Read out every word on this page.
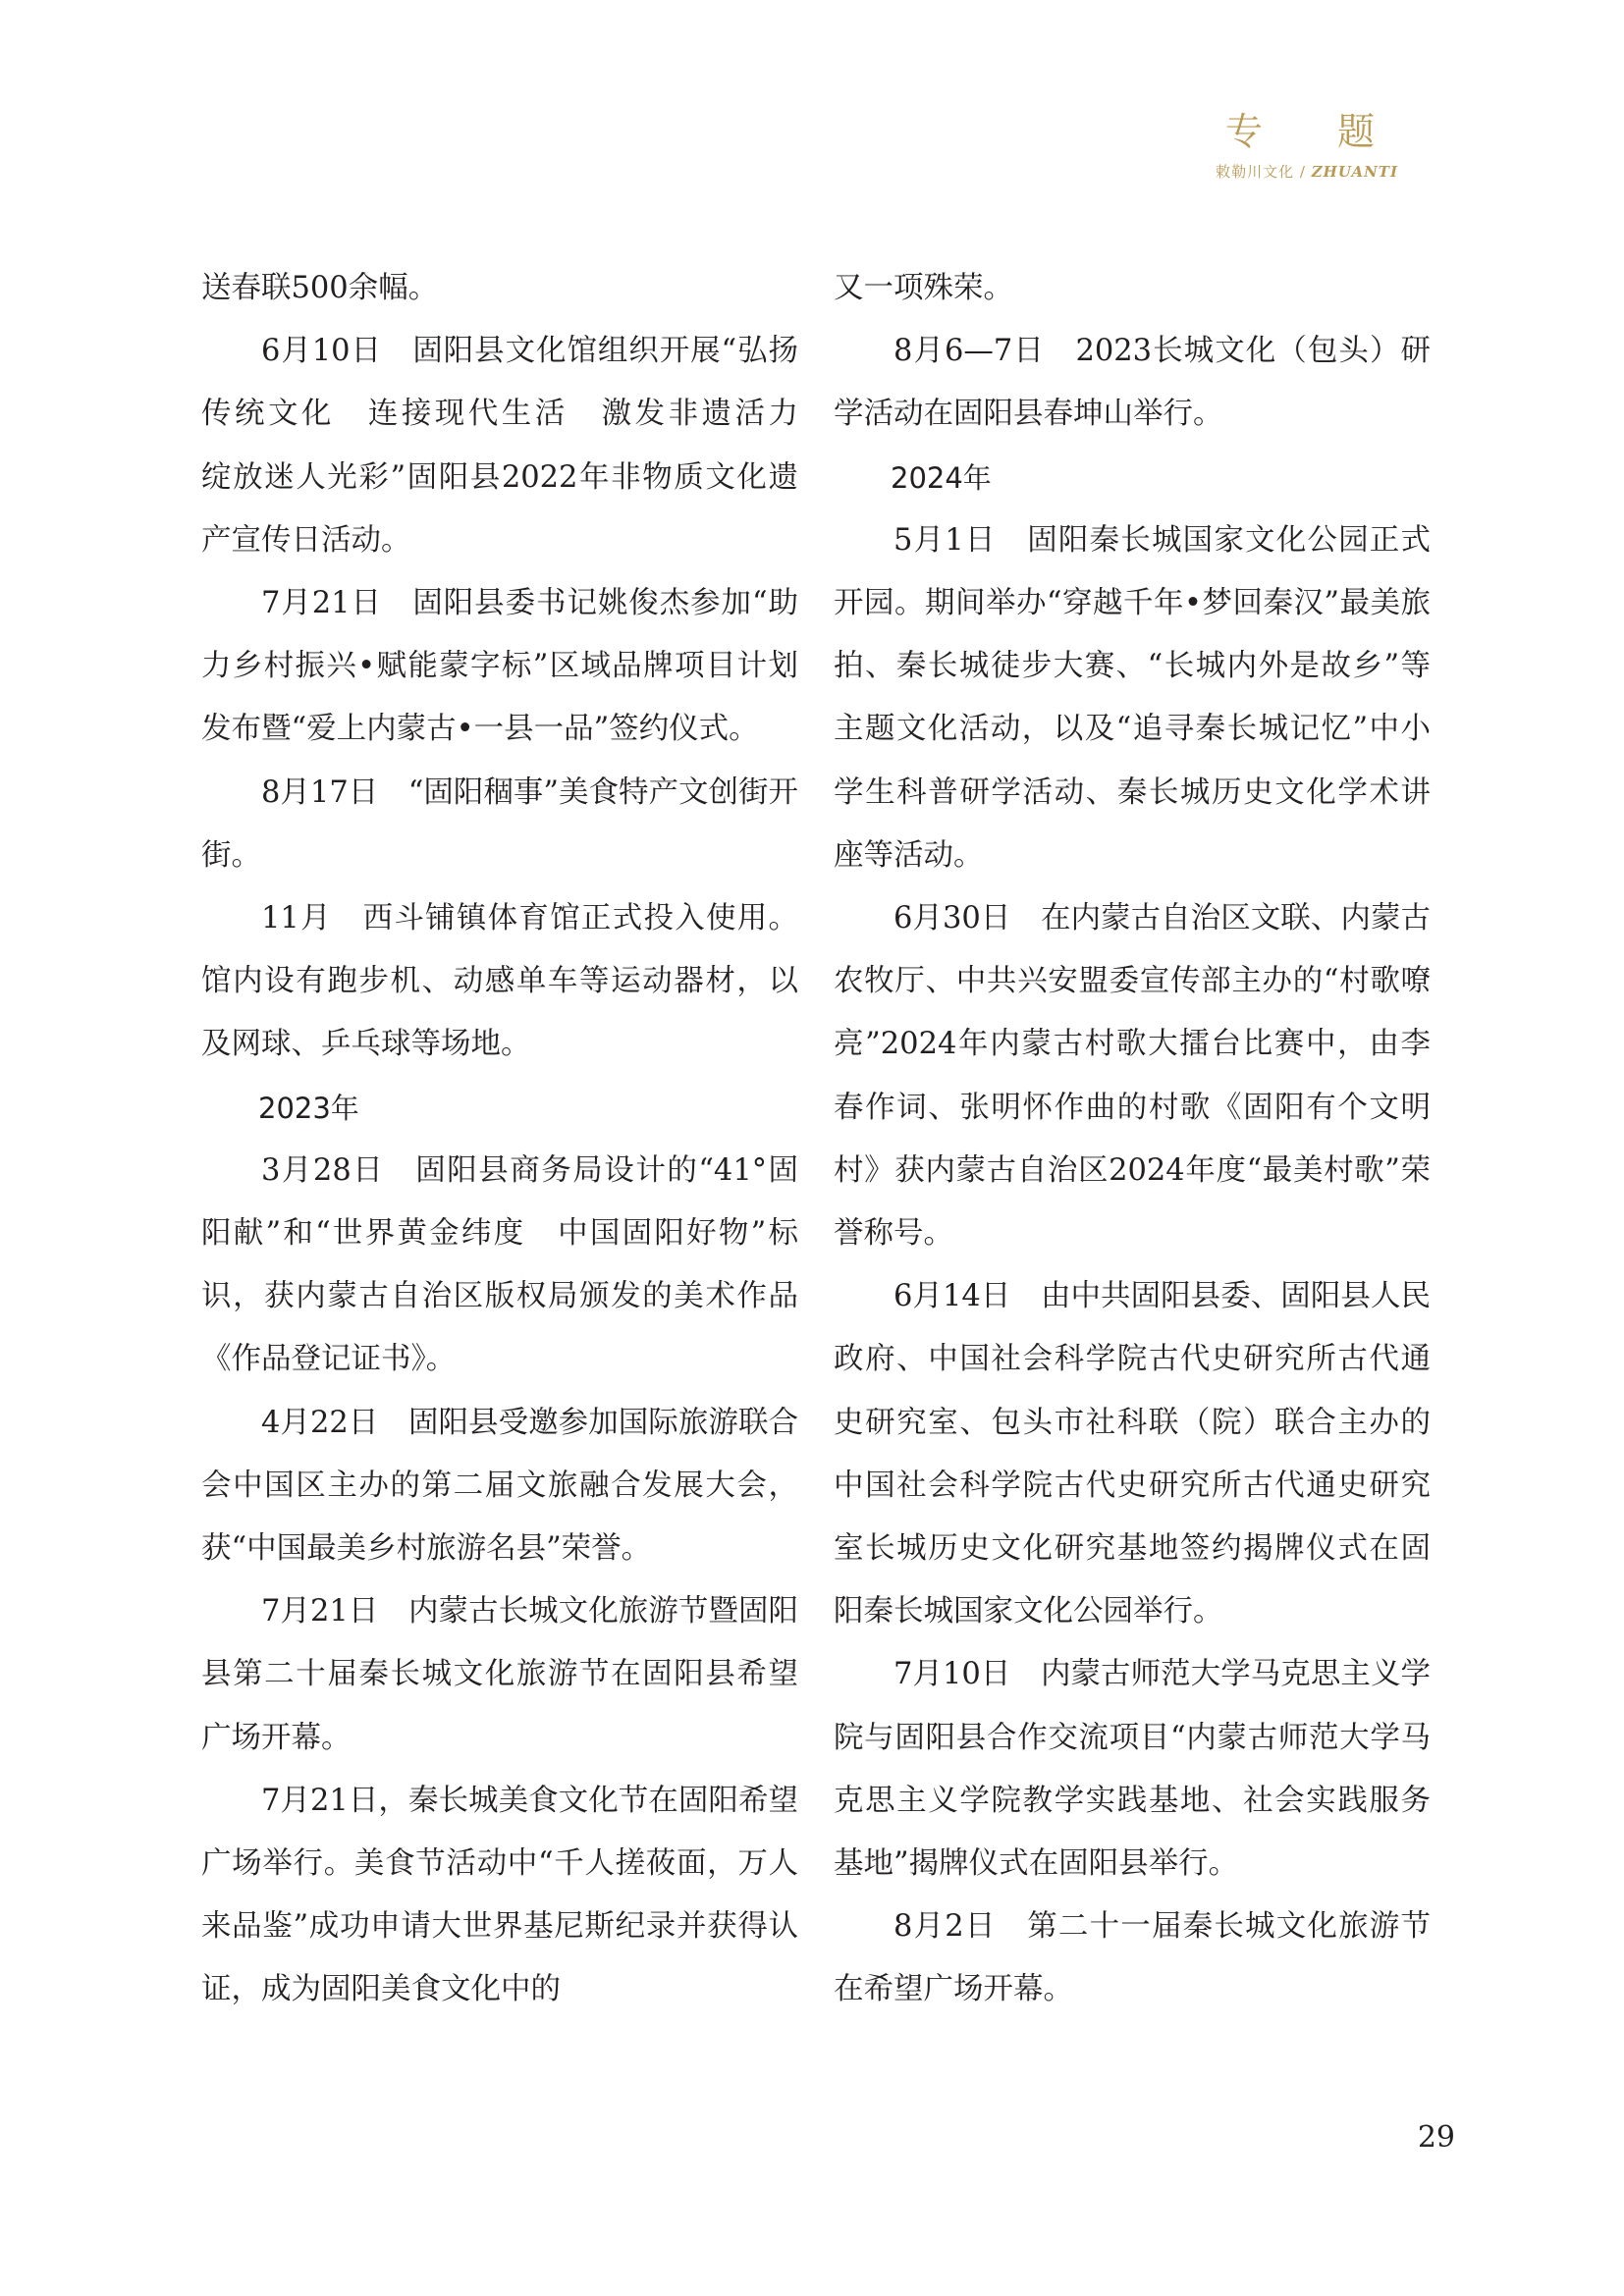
专 题
敕勒川文化 / ZHUANTI

送春联500余幅。

6月10日　固阳县文化馆组织开展“弘扬传统文化　连接现代生活　激发非遗活力　绽放迷人光彩”固阳县2022年非物质文化遗产宣传日活动。

7月21日　固阳县委书记姚俊杰参加“助力乡村振兴•赋能蒙字标”区域品牌项目计划发布暨“爱上内蒙古•一县一品”签约仪式。

8月17日　“固阳稒事”美食特产文创街开街。

11月　西斗铺镇体育馆正式投入使用。馆内设有跑步机、动感单车等运动器材，以及网球、乒乓球等场地。

2023年

3月28日　固阳县商务局设计的“41°固阳献”和“世界黄金纬度　中国固阳好物”标识，获内蒙古自治区版权局颁发的美术作品《作品登记证书》。

4月22日　固阳县受邀参加国际旅游联合会中国区主办的第二届文旅融合发展大会，获“中国最美乡村旅游名县”荣誉。

7月21日　内蒙古长城文化旅游节暨固阳县第二十届秦长城文化旅游节在固阳县希望广场开幕。

7月21日，秦长城美食文化节在固阳希望广场举行。美食节活动中“千人搓莜面，万人来品鉴”成功申请大世界基尼斯纪录并获得认证，成为固阳美食文化中的

又一项殊荣。

8月6—7日　2023长城文化（包头）研学活动在固阳县春坤山举行。

2024年

5月1日　固阳秦长城国家文化公园正式开园。期间举办“穿越千年•梦回秦汉”最美旅拍、秦长城徒步大赛、“长城内外是故乡”等主题文化活动，以及“追寻秦长城记忆”中小学生科普研学活动、秦长城历史文化学术讲座等活动。

6月30日　在内蒙古自治区文联、内蒙古农牧厅、中共兴安盟委宣传部主办的“村歌嘹亮”2024年内蒙古村歌大擂台比赛中，由李春作词、张明怀作曲的村歌《固阳有个文明村》获内蒙古自治区2024年度“最美村歌”荣誉称号。

6月14日　由中共固阳县委、固阳县人民政府、中国社会科学院古代史研究所古代通史研究室、包头市社科联（院）联合主办的中国社会科学院古代史研究所古代通史研究室长城历史文化研究基地签约揭牌仪式在固阳秦长城国家文化公园举行。

7月10日　内蒙古师范大学马克思主义学院与固阳县合作交流项目“内蒙古师范大学马克思主义学院教学实践基地、社会实践服务基地”揭牌仪式在固阳县举行。

8月2日　第二十一届秦长城文化旅游节在希望广场开幕。

29
